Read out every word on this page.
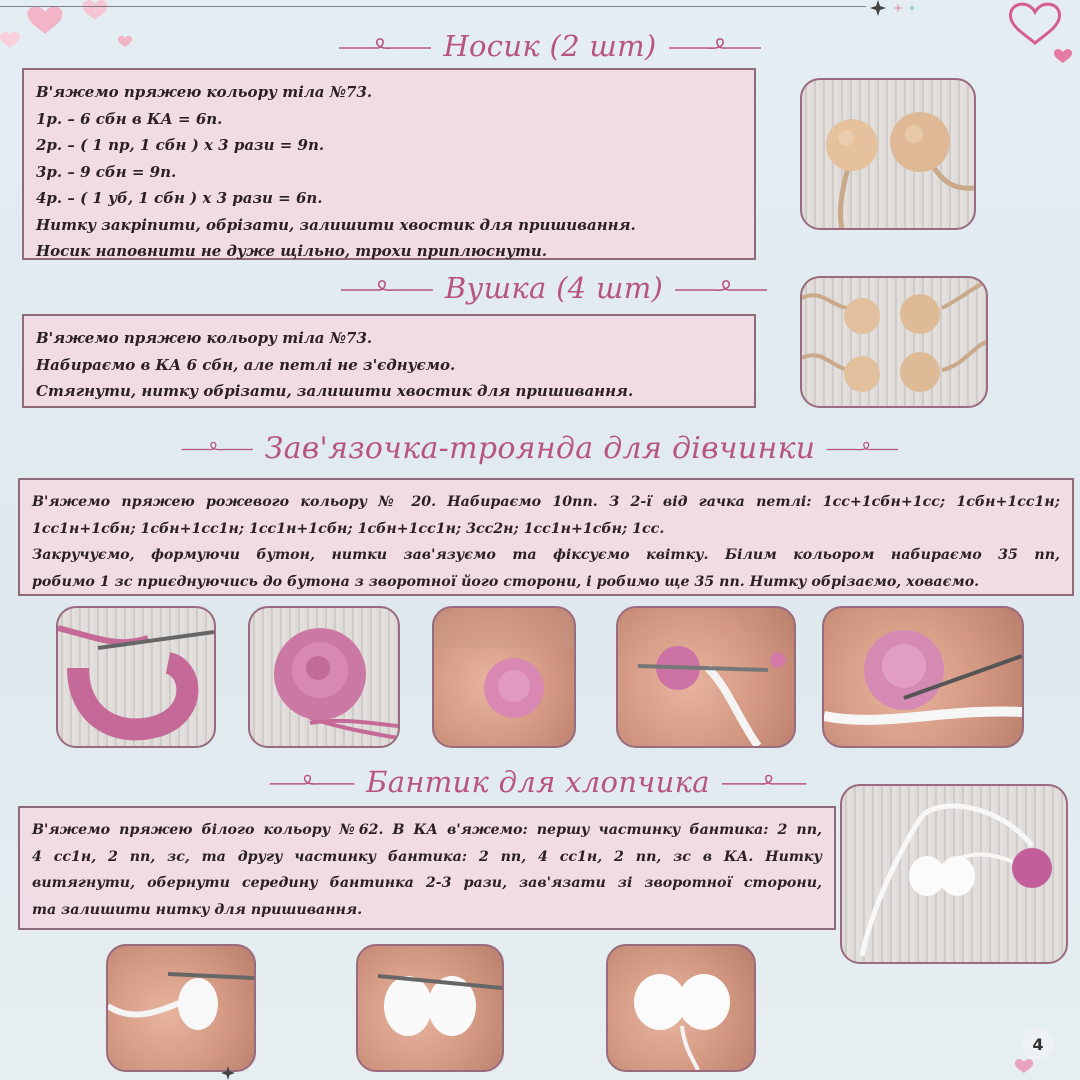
Носик (2 шт)
В'яжемо пряжею кольору тіла №73.
1р. – 6 сбн в КА = 6п.
2р. – ( 1 пр, 1 сбн ) х 3 рази = 9п.
3р. – 9 сбн = 9п.
4р. – ( 1 уб, 1 сбн ) х 3 рази = 6п.
Нитку закріпити, обрізати, залишити хвостик для пришивання.
Носик наповнити не дуже щільно, трохи приплюснути.
Вушка (4 шт)
В'яжемо пряжею кольору тіла №73.
Набираємо в КА 6 сбн, але петлі не з'єднуємо.
Стягнути, нитку обрізати, залишити хвостик для пришивання.
Зав'язочка-троянда для дівчинки
В'яжемо пряжею рожевого кольору № 20. Набираємо 10пп. З 2-ї від гачка петлі: 1сс+1сбн+1сс; 1сбн+1сс1н;
1сс1н+1сбн; 1сбн+1сс1н; 1сс1н+1сбн; 1сбн+1сс1н; 3сс2н; 1сс1н+1сбн; 1сс.
Закручуємо, формуючи бутон, нитки зав'язуємо та фіксуємо квітку. Білим кольором набираємо 35 пп,
робимо 1 зс приєднуючись до бутона з зворотної його сторони, і робимо ще 35 пп. Нитку обрізаємо, ховаємо.
Бантик для хлопчика
В'яжемо пряжею білого кольору №62. В КА в'яжемо: першу частинку бантика: 2 пп,
4 сс1н, 2 пп, зс, та другу частинку бантика: 2 пп, 4 сс1н, 2 пп, зс в КА. Нитку
витягнути, обернути середину бантинка 2-3 рази, зав'язати зі зворотної сторони,
та залишити нитку для пришивання.
4
